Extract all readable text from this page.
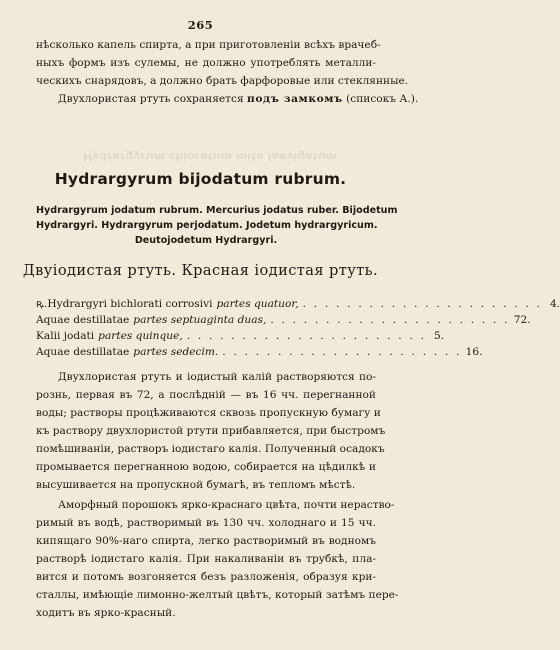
Hydrargyrum chloratum mite laevigatum
265
нѣсколько капель спирта, а при приготовленіи всѣхъ врачеб-
ныхъ формъ изъ сулемы, не должно употреблять металли-
ческихъ снарядовъ, а должно брать фарфоровые или стеклянные.
Двухлористая ртуть сохраняется подъ замкомъ (списокъ А.).
Hydrargyrum bijodatum rubrum.
Hydrargyrum jodatum rubrum. Mercurius jodatus ruber. Bijodetum
Hydrargyri. Hydrargyrum perjodatum. Jodetum hydrargyricum.
Deutojodetum Hydrargyri.
Двуіодистая ртуть. Красная іодистая ртуть.
ꝶ. Hydrargyri bichlorati corrosivi partes quatuor, . . . . . . . . . . . . . . . . . . . . . . 4.
Aquae destillatae partes septuaginta duas, . . . . . . . . . . . . . . . . . . . . . . 72.
Kalii jodati partes quinque, . . . . . . . . . . . . . . . . . . . . . . 5.
Aquae destillatae partes sedecim. . . . . . . . . . . . . . . . . . . . . . . 16.
Двухлористая ртуть и іодистый калій растворяются по-
рознь, первая въ 72, а послѣдній — въ 16 чч. перегнанной
воды; растворы процѣживаются сквозь пропускную бумагу и
къ раствору двухлористой ртути прибавляется, при быстромъ
помѣшиваніи, растворъ іодистаго калія. Полученный осадокъ
промывается перегнанною водою, собирается на цѣдилкѣ и
высушивается на пропускной бумагѣ, въ тепломъ мѣстѣ.
Аморфный порошокъ ярко-краснаго цвѣта, почти нераство-
римый въ водѣ, растворимый въ 130 чч. холоднаго и 15 чч.
кипящаго 90%-наго спирта, легко растворимый въ водномъ
растворѣ іодистаго калія. При накаливаніи въ трубкѣ, пла-
вится и потомъ возгоняется безъ разложенія, образуя кри-
сталлы, имѣющіе лимонно-желтый цвѣтъ, который затѣмъ пере-
ходитъ въ ярко-красный.
